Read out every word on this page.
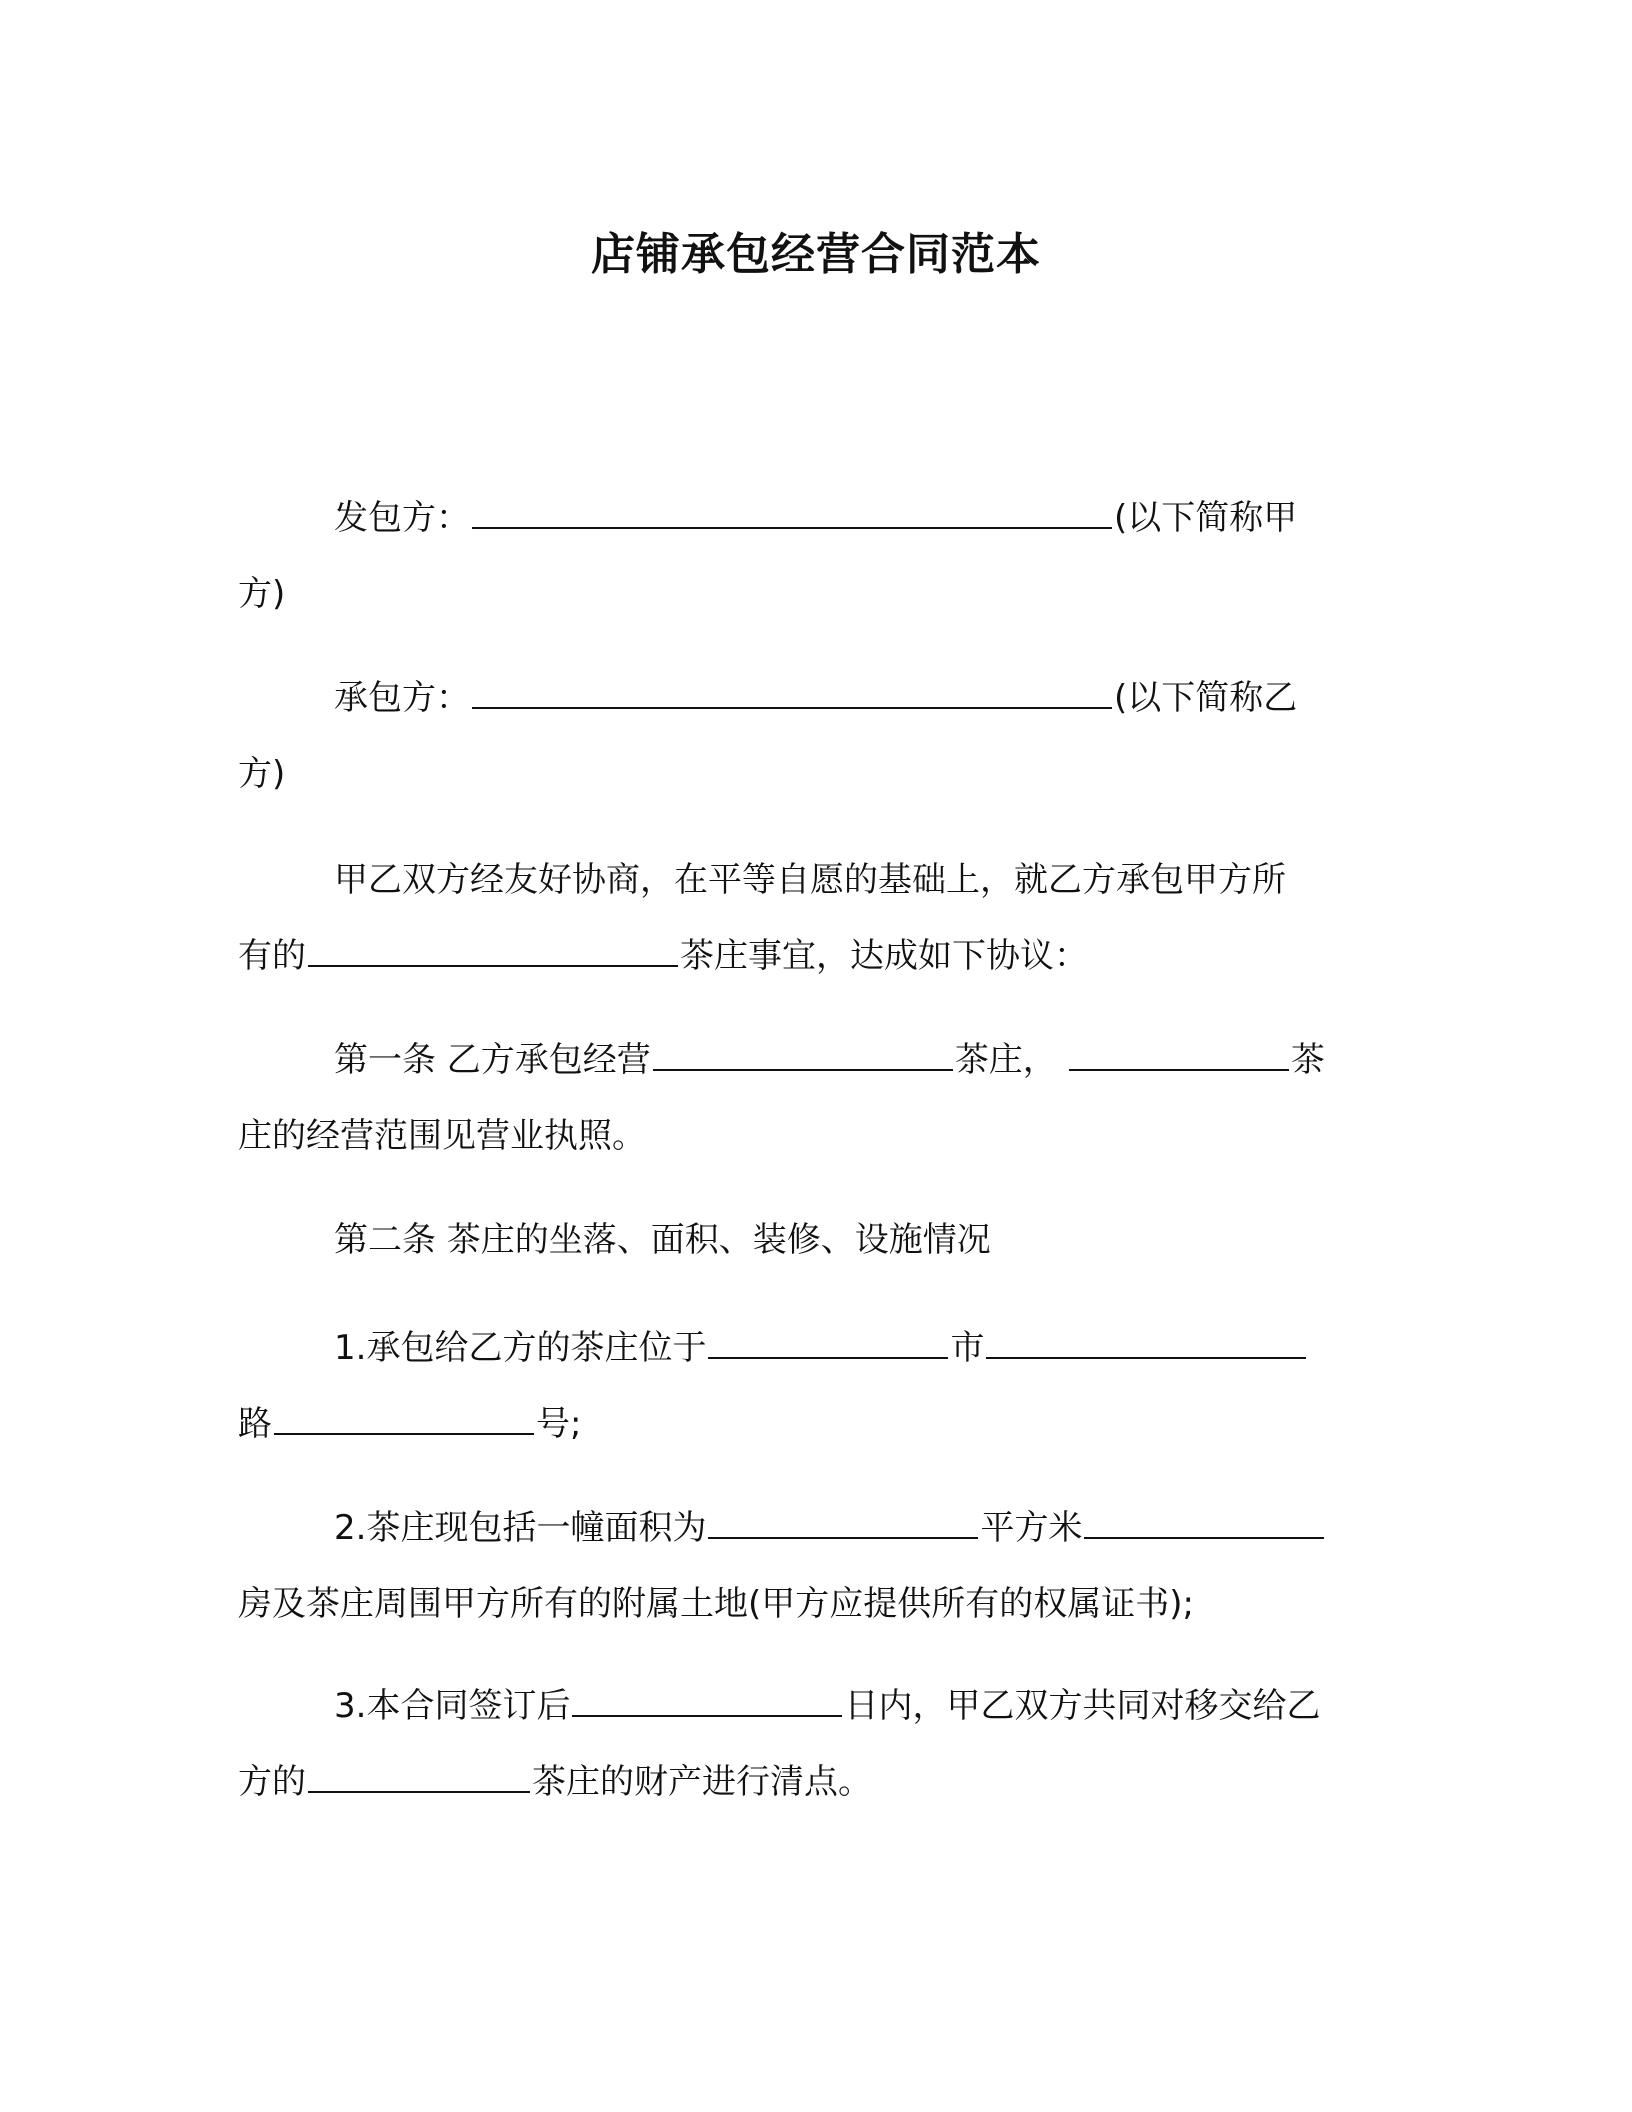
店铺承包经营合同范本
发包方：	(以下简称甲
方)
承包方：	(以下简称乙
方)
甲乙双方经友好协商，在平等自愿的基础上，就乙方承包甲方所
有的	茶庄事宜，达成如下协议：
第一条 乙方承包经营	茶庄，	茶
庄的经营范围见营业执照。
第二条 茶庄的坐落、面积、装修、设施情况
1.承包给乙方的茶庄位于	市
路	号;
2.茶庄现包括一幢面积为	平方米
房及茶庄周围甲方所有的附属土地(甲方应提供所有的权属证书);
3.本合同签订后	日内，甲乙双方共同对移交给乙
方的	茶庄的财产进行清点。
